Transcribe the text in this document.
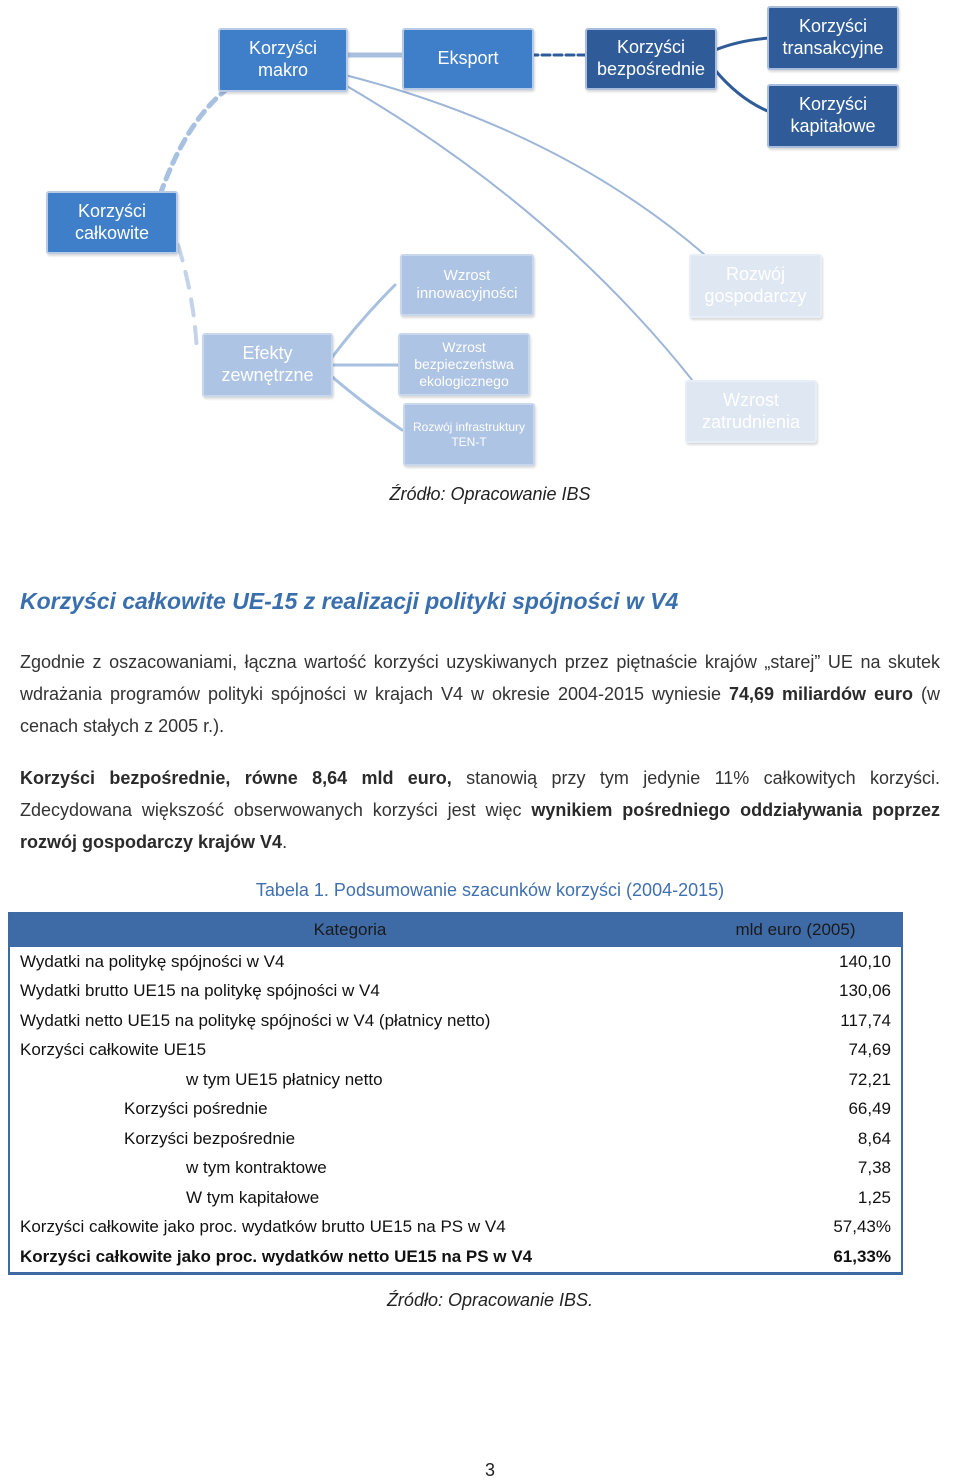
Korzyści
makro
Eksport
Korzyści
bezpośrednie
Korzyści
transakcyjne
Korzyści
kapitałowe
Korzyści
całkowite
Wzrost
innowacyjności
Rozwój
gospodarczy
Efekty
zewnętrzne
Wzrost
bezpieczeństwa
ekologicznego
Wzrost
zatrudnienia
Rozwój infrastruktury
TEN-T
Źródło: Opracowanie IBS
Korzyści całkowite UE-15 z realizacji polityki spójności w V4
Zgodnie z oszacowaniami, łączna wartość korzyści uzyskiwanych przez piętnaście krajów „starej” UE na skutek wdrażania programów polityki spójności w krajach V4 w okresie 2004-2015 wyniesie 74,69 miliardów euro (w cenach stałych z 2005 r.).
Korzyści bezpośrednie, równe 8,64 mld euro, stanowią przy tym jedynie 11% całkowitych korzyści. Zdecydowana większość obserwowanych korzyści jest więc wynikiem pośredniego oddziaływania poprzez rozwój gospodarczy krajów V4.
Tabela 1. Podsumowanie szacunków korzyści (2004-2015)
Kategoria	mld euro (2005)
Wydatki na politykę spójności w V4	140,10
Wydatki brutto UE15 na politykę spójności w V4	130,06
Wydatki netto UE15 na politykę spójności w V4 (płatnicy netto)	117,74
Korzyści całkowite UE15	74,69
w tym UE15 płatnicy netto	72,21
Korzyści pośrednie	66,49
Korzyści bezpośrednie	8,64
w tym kontraktowe	7,38
W tym kapitałowe	1,25
Korzyści całkowite jako proc. wydatków brutto UE15 na PS w V4	57,43%
Korzyści całkowite jako proc. wydatków netto UE15 na PS w V4	61,33%
Źródło: Opracowanie IBS.
3
